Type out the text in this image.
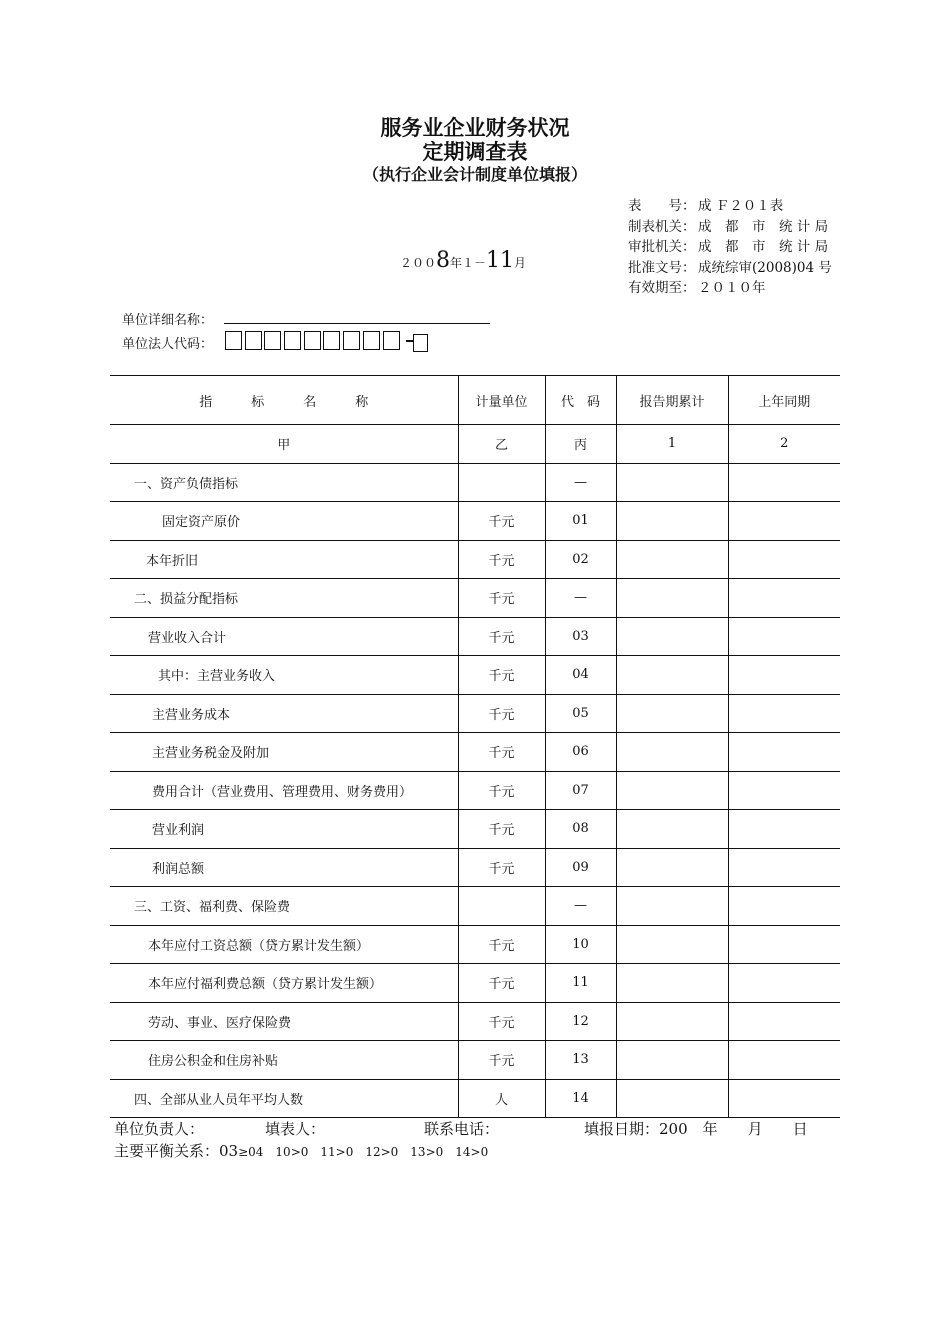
服务业企业财务状况
定期调查表
（执行企业会计制度单位填报）
表　　号： 成 Ｆ２０１表
制表机关： 成　都　市　统 计 局
审批机关： 成　都　市　统 计 局
批准文号： 成统综审(2008)04 号
有效期至： ２０１０年
２００8年１－11月
单位详细名称：
单位法人代码：
指　　　标　　　名　　　称	计量单位	代　码	报告期累计	上年同期
甲	乙	丙	1	2
一、资产负债指标		—		
固定资产原价	千元	01		
本年折旧	千元	02		
二、损益分配指标	千元	—		
营业收入合计	千元	03		
其中：主营业务收入	千元	04		
主营业务成本	千元	05		
主营业务税金及附加	千元	06		
费用合计（营业费用、管理费用、财务费用）	千元	07		
营业利润	千元	08		
利润总额	千元	09		
三、工资、福利费、保险费		—		
本年应付工资总额（贷方累计发生额）	千元	10		
本年应付福利费总额（贷方累计发生额）	千元	11		
劳动、事业、医疗保险费	千元	12		
住房公积金和住房补贴	千元	13		
四、全部从业人员年平均人数	人	14		
单位负责人：	填表人：	联系电话：	填报日期：200　年　　月　　日
主要平衡关系：03≥04　10>0　11>0　12>0　13>0　14>0
